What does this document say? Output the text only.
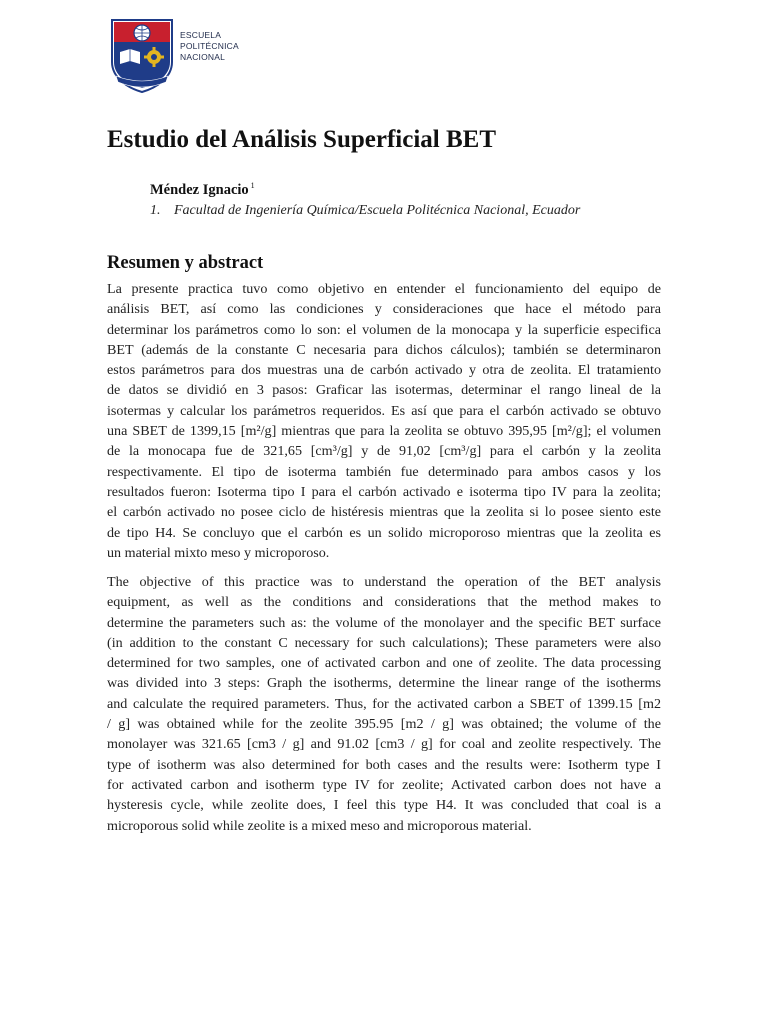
ESCUELA
POLITÉCNICA
NACIONAL
Estudio del Análisis Superficial BET
Méndez Ignacio $^1$
1. Facultad de Ingeniería Química/Escuela Politécnica Nacional, Ecuador
Resumen y abstract
La presente practica tuvo como objetivo en entender el funcionamiento del equipo de
análisis BET, así como las condiciones y consideraciones que hace el método para
determinar los parámetros como lo son: el volumen de la monocapa y la superficie especifica
BET (además de la constante C necesaria para dichos cálculos); también se determinaron
estos parámetros para dos muestras una de carbón activado y otra de zeolita. El tratamiento
de datos se dividió en 3 pasos: Graficar las isotermas, determinar el rango lineal de la
isotermas y calcular los parámetros requeridos. Es así que para el carbón activado se obtuvo
una SBET de 1399,15 [m²/g] mientras que para la zeolita se obtuvo 395,95 [m²/g]; el volumen
de la monocapa fue de 321,65 [cm³/g] y de 91,02 [cm³/g] para el carbón y la zeolita
respectivamente. El tipo de isoterma también fue determinado para ambos casos y los
resultados fueron: Isoterma tipo I para el carbón activado e isoterma tipo IV para la zeolita;
el carbón activado no posee ciclo de histéresis mientras que la zeolita si lo posee siento este
de tipo H4. Se concluyo que el carbón es un solido microporoso mientras que la zeolita es
un material mixto meso y microporoso.
The objective of this practice was to understand the operation of the BET analysis
equipment, as well as the conditions and considerations that the method makes to
determine the parameters such as: the volume of the monolayer and the specific BET surface
(in addition to the constant C necessary for such calculations); These parameters were also
determined for two samples, one of activated carbon and one of zeolite. The data processing
was divided into 3 steps: Graph the isotherms, determine the linear range of the isotherms
and calculate the required parameters. Thus, for the activated carbon a SBET of 1399.15 [m2
/ g] was obtained while for the zeolite 395.95 [m2 / g] was obtained; the volume of the
monolayer was 321.65 [cm3 / g] and 91.02 [cm3 / g] for coal and zeolite respectively. The
type of isotherm was also determined for both cases and the results were: Isotherm type I
for activated carbon and isotherm type IV for zeolite; Activated carbon does not have a
hysteresis cycle, while zeolite does, I feel this type H4. It was concluded that coal is a
microporous solid while zeolite is a mixed meso and microporous material.
